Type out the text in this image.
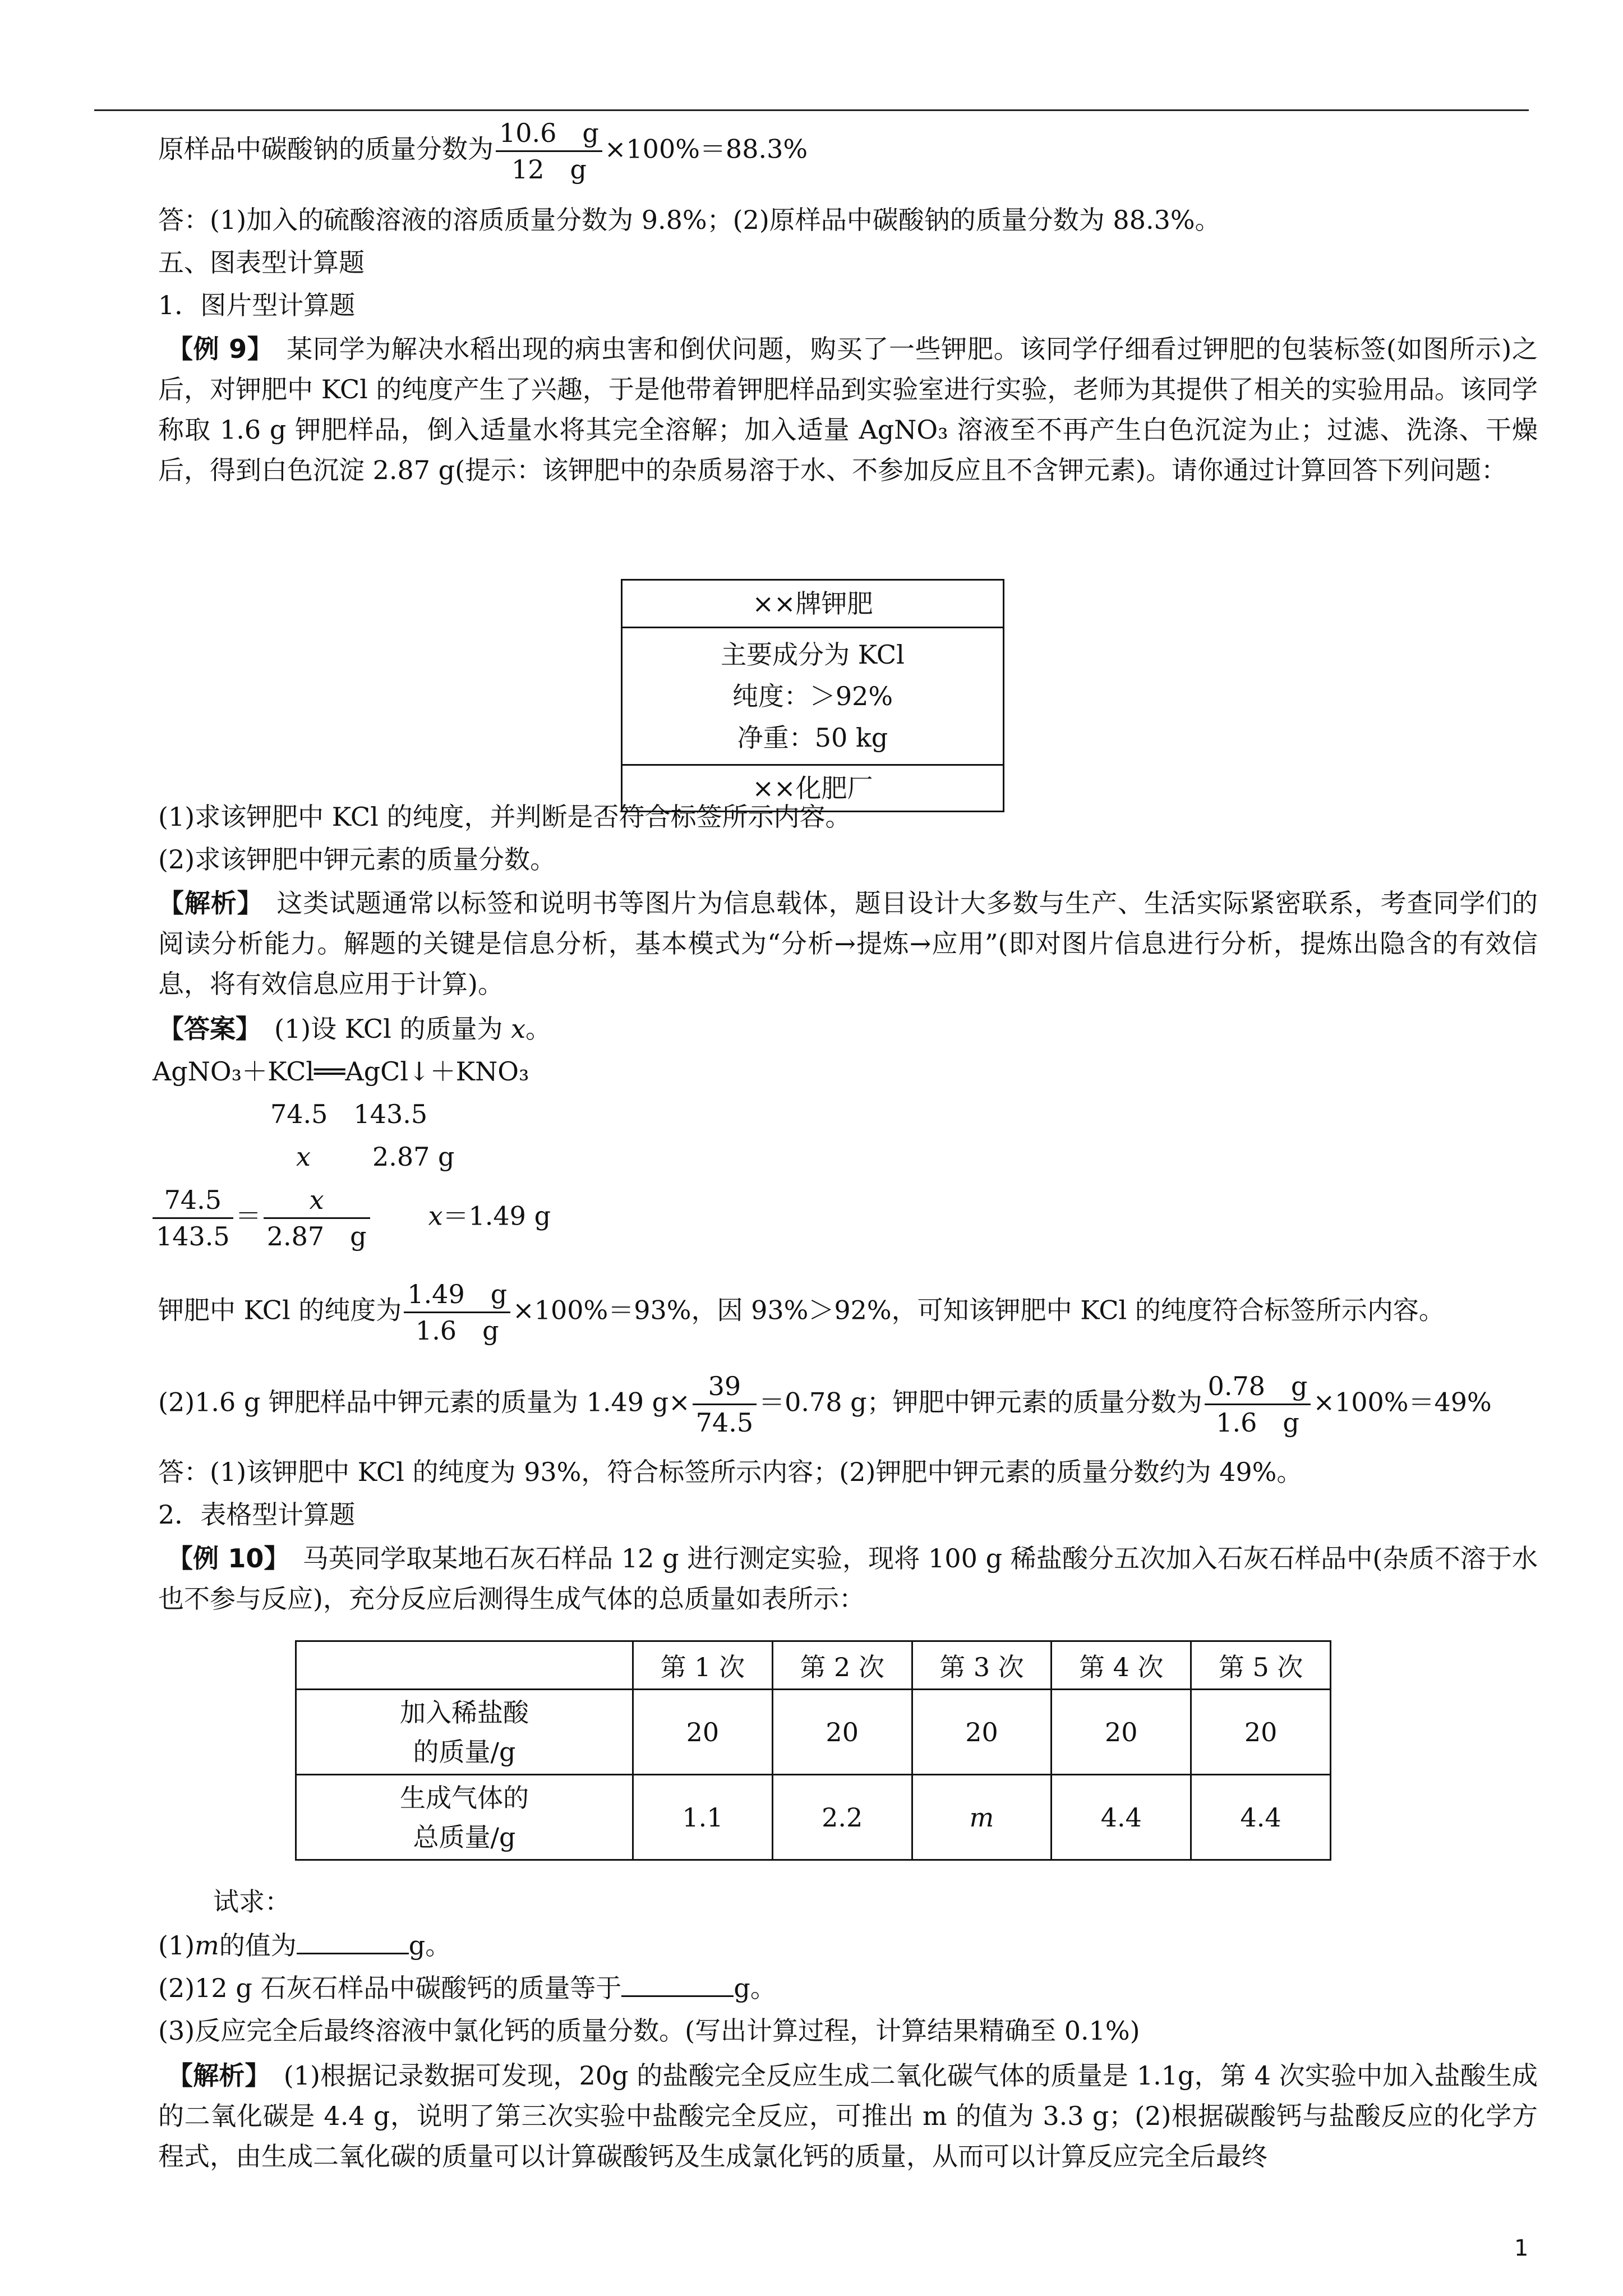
原样品中碳酸钠的质量分数为 $\frac{10.6 g}{12 g} \times 100\%=88.3\%$
答：(1)加入的硫酸溶液的溶质质量分数为 9.8%；(2)原样品中碳酸钠的质量分数为 88.3%。
五、图表型计算题
1．图片型计算题
【例 9】　某同学为解决水稻出现的病虫害和倒伏问题，购买了一些钾肥。该同学仔细看过钾肥的包装标签(如图所示)之后，对钾肥中 KCl 的纯度产生了兴趣，于是他带着钾肥样品到实验室进行实验，老师为其提供了相关的实验用品。该同学称取 1.6 g 钾肥样品，倒入适量水将其完全溶解；加入适量 AgNO₃ 溶液至不再产生白色沉淀为止；过滤、洗涤、干燥后，得到白色沉淀 2.87 g(提示：该钾肥中的杂质易溶于水、不参加反应且不含钾元素)。请你通过计算回答下列问题：
××牌钾肥
主要成分为 KCl
纯度：＞92%
净重：50 kg
××化肥厂
(1)求该钾肥中 KCl 的纯度，并判断是否符合标签所示内容。
(2)求该钾肥中钾元素的质量分数。
【解析】　这类试题通常以标签和说明书等图片为信息载体，题目设计大多数与生产、生活实际紧密联系，考查同学们的阅读分析能力。解题的关键是信息分析，基本模式为“分析→提炼→应用”(即对图片信息进行分析，提炼出隐含的有效信息，将有效信息应用于计算)。
【答案】　(1)设 KCl 的质量为 x。
AgNO₃＋KCl══AgCl↓＋KNO₃
74.5　143.5
x 2.87 g
$\frac{74.5}{143.5} = \frac{x}{2.87 g} x=1.49$ g
钾肥中 KCl 的纯度为 $\frac{1.49 g}{1.6 g} \times 100\%=93\%$，因 93%＞92%，可知该钾肥中 KCl 的纯度符合标签所示内容。
(2)1.6 g 钾肥样品中钾元素的质量为 1.49 $g\times \frac{39}{74.5} =0.78$ g；钾肥中钾元素的质量分数为 $\frac{0.78 g}{1.6 g} \times 100\%=49\%$
答：(1)该钾肥中 KCl 的纯度为 93%，符合标签所示内容；(2)钾肥中钾元素的质量分数约为 49%。
2．表格型计算题
【例 10】　马英同学取某地石灰石样品 12 g 进行测定实验，现将 100 g 稀盐酸分五次加入石灰石样品中(杂质不溶于水也不参与反应)，充分反应后测得生成气体的总质量如表所示：
	第 1 次	第 2 次	第 3 次	第 4 次	第 5 次

加入稀盐酸
的质量/g	20	20	20	20	20

生成气体的
总质量/g	1.1	2.2	m	4.4	4.4
试求：
(1)m的值为	g。
(2)12 g 石灰石样品中碳酸钙的质量等于	g。
(3)反应完全后最终溶液中氯化钙的质量分数。(写出计算过程，计算结果精确至 0.1%)
【解析】　(1)根据记录数据可发现，20g 的盐酸完全反应生成二氧化碳气体的质量是 1.1g，第 4 次实验中加入盐酸生成的二氧化碳是 4.4 g，说明了第三次实验中盐酸完全反应，可推出 m 的值为 3.3 g；(2)根据碳酸钙与盐酸反应的化学方程式，由生成二氧化碳的质量可以计算碳酸钙及生成氯化钙的质量，从而可以计算反应完全后最终
1
